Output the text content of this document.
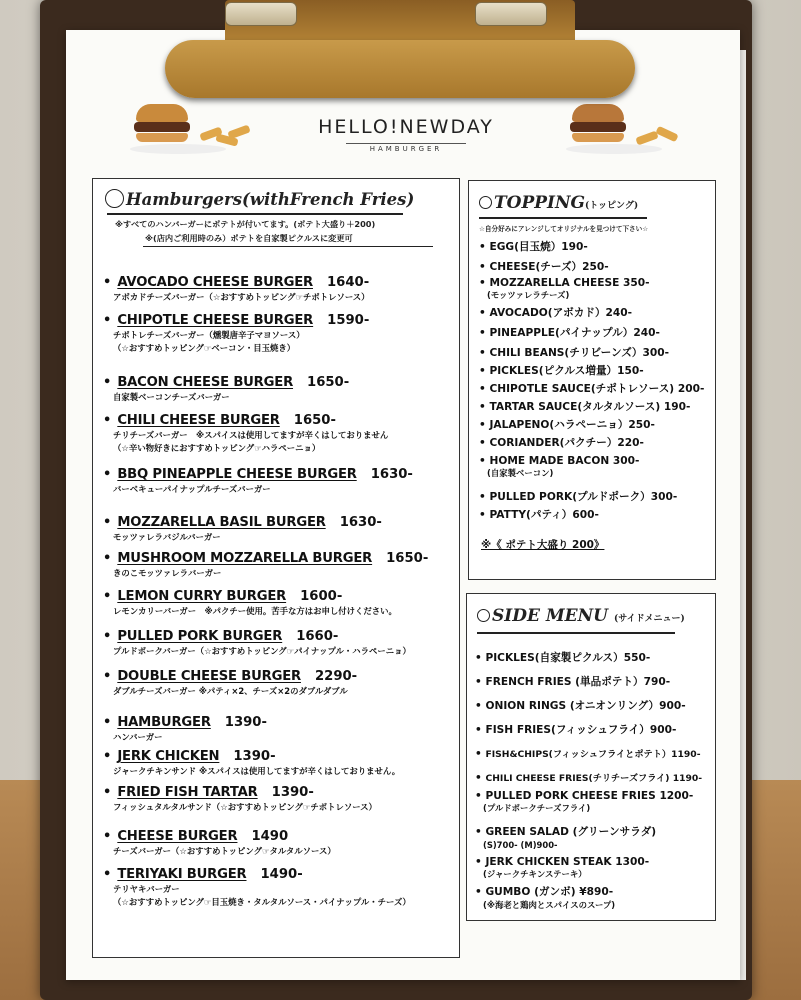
HELLO!NEWDAY
HAMBURGER
Hamburgers(withFrench Fries)
※すべてのハンバーガーにポテトが付いてます。(ポテト大盛り＋200)
※(店内ご利用時のみ）ポテトを自家製ピクルスに変更可
• AVOCADO CHEESE BURGER 1640-
アボカドチーズバーガー（☆おすすめトッピング☞チポトレソース）
• CHIPOTLE CHEESE BURGER 1590-
チポトレチーズバーガー（燻製唐辛子マヨソース）
（☆おすすめトッピング☞ベーコン・目玉焼き）
• BACON CHEESE BURGER 1650-
自家製ベーコンチーズバーガー
• CHILI CHEESE BURGER 1650-
チリチーズバーガー　※スパイスは使用してますが辛くはしておりません
（☆辛い物好きにおすすめトッピング☞ハラペーニョ）
• BBQ PINEAPPLE CHEESE BURGER 1630-
バーベキューパイナップルチーズバーガー
• MOZZARELLA BASIL BURGER 1630-
モッツァレラバジルバーガー
• MUSHROOM MOZZARELLA BURGER 1650-
きのこモッツァレラバーガー
• LEMON CURRY BURGER 1600-
レモンカリーバーガー　※パクチー使用。苦手な方はお申し付けください。
• PULLED PORK BURGER 1660-
プルドポークバーガー（☆おすすめトッピング☞パイナップル・ハラペーニョ）
• DOUBLE CHEESE BURGER 2290-
ダブルチーズバーガー ※パティ×2、チーズ×2のダブルダブル
• HAMBURGER 1390-
ハンバーガー
• JERK CHICKEN 1390-
ジャークチキンサンド ※スパイスは使用してますが辛くはしておりません。
• FRIED FISH TARTAR 1390-
フィッシュタルタルサンド（☆おすすめトッピング☞チポトレソース）
• CHEESE BURGER 1490
チーズバーガー（☆おすすめトッピング☞タルタルソース）
• TERIYAKI BURGER 1490-
テリヤキバーガー
（☆おすすめトッピング☞目玉焼き・タルタルソース・パイナップル・チーズ）
TOPPING(トッピング)
☆自分好みにアレンジしてオリジナルを見つけて下さい☆
• EGG(目玉焼）190-
• CHEESE(チーズ）250-
• MOZZARELLA CHEESE 350-
(モッツァレラチーズ)
• AVOCADO(アボカド）240-
• PINEAPPLE(パイナップル）240-
• CHILI BEANS(チリビーンズ）300-
• PICKLES(ピクルス増量）150-
• CHIPOTLE SAUCE(チポトレソース) 200-
• TARTAR SAUCE(タルタルソース) 190-
• JALAPENO(ハラペーニョ）250-
• CORIANDER(パクチー）220-
• HOME MADE BACON 300-
(自家製ベーコン)
• PULLED PORK(プルドポーク）300-
• PATTY(パティ）600-
※《 ポテト大盛り 200》
SIDE MENU (サイドメニュー)
• PICKLES(自家製ピクルス）550-
• FRENCH FRIES (単品ポテト）790-
• ONION RINGS (オニオンリング）900-
• FISH FRIES(フィッシュフライ）900-
• FISH&CHIPS(フィッシュフライとポテト）1190-
• CHILI CHEESE FRIES(チリチーズフライ) 1190-
• PULLED PORK CHEESE FRIES 1200-
(プルドポークチーズフライ)
• GREEN SALAD (グリーンサラダ)
(S)700- (M)900-
• JERK CHICKEN STEAK 1300-
(ジャークチキンステーキ）
• GUMBO (ガンボ) ¥890-
(※海老と鶏肉とスパイスのスープ)
